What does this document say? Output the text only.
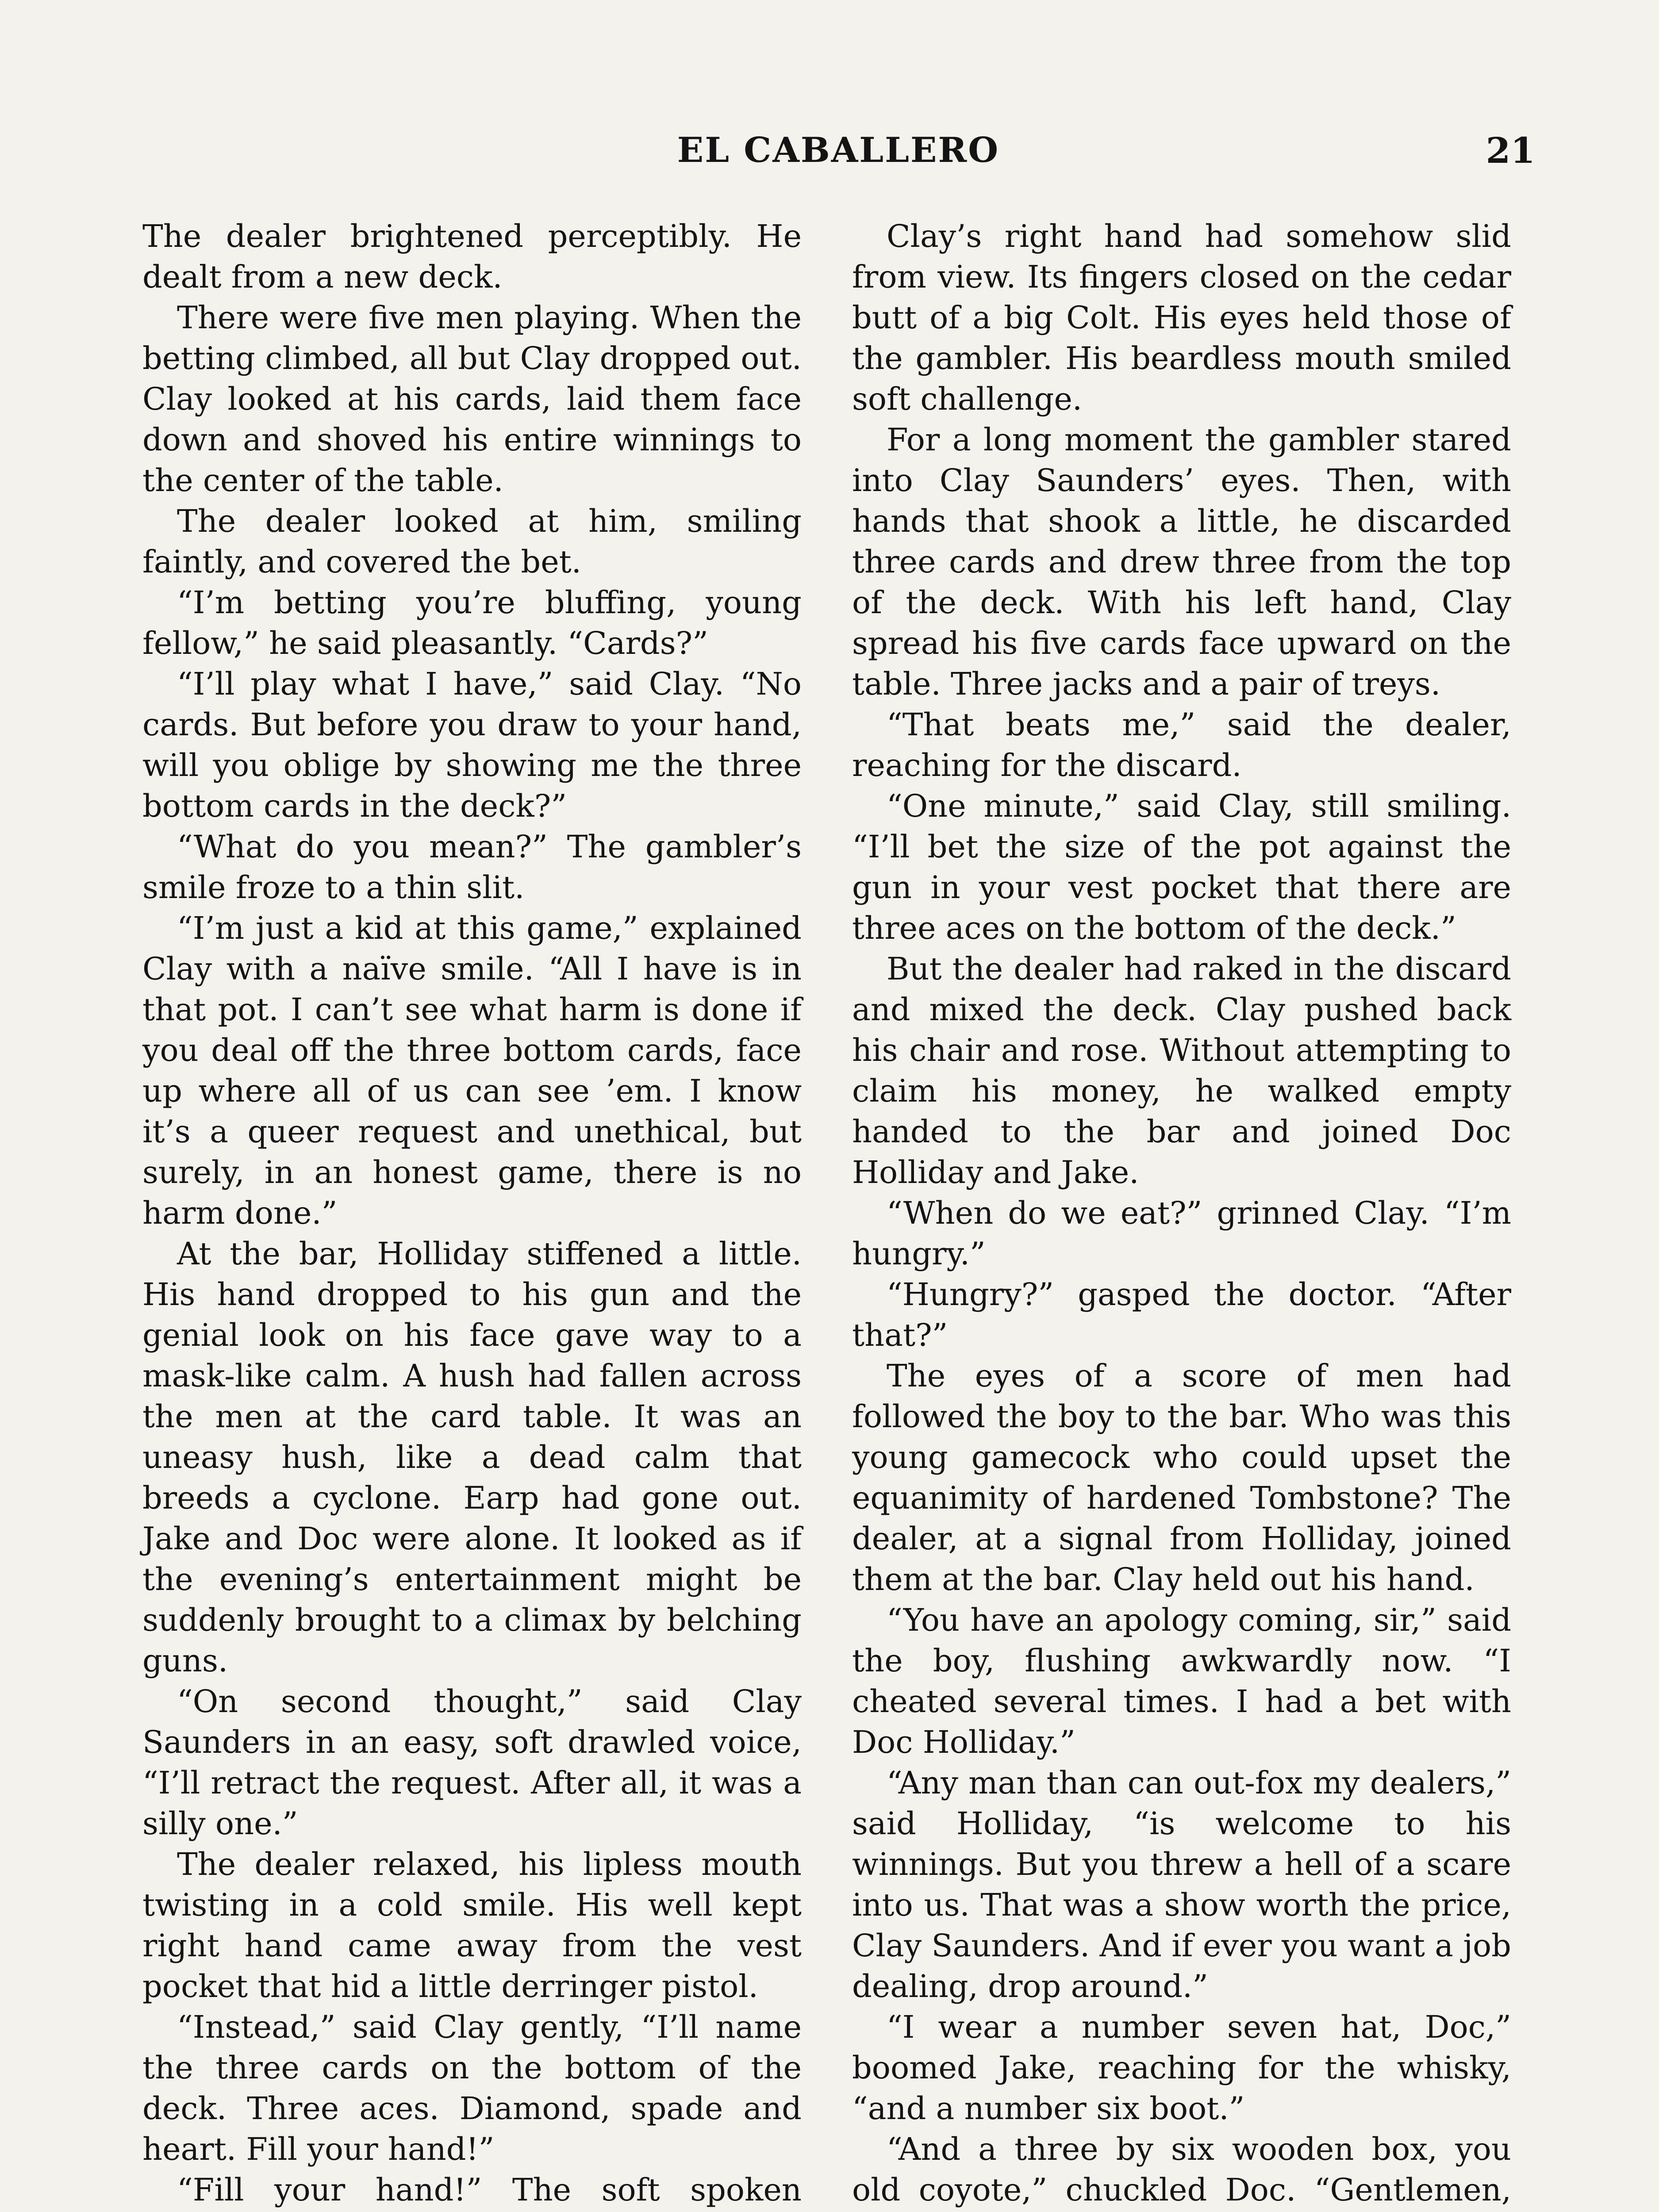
EL CABALLERO	21

The dealer brightened perceptibly. He dealt from a new deck.

There were five men playing. When the betting climbed, all but Clay dropped out. Clay looked at his cards, laid them face down and shoved his entire winnings to the center of the table.

The dealer looked at him, smiling faintly, and covered the bet.

“I’m betting you’re bluffing, young fellow,” he said pleasantly. “Cards?”

“I’ll play what I have,” said Clay. “No cards. But before you draw to your hand, will you oblige by showing me the three bottom cards in the deck?”

“What do you mean?” The gambler’s smile froze to a thin slit.

“I’m just a kid at this game,” explained Clay with a naïve smile. “All I have is in that pot. I can’t see what harm is done if you deal off the three bottom cards, face up where all of us can see ’em. I know it’s a queer request and unethical, but surely, in an honest game, there is no harm done.”

At the bar, Holliday stiffened a little. His hand dropped to his gun and the genial look on his face gave way to a mask-like calm. A hush had fallen across the men at the card table. It was an uneasy hush, like a dead calm that breeds a cyclone. Earp had gone out. Jake and Doc were alone. It looked as if the evening’s entertainment might be suddenly brought to a climax by belching guns.

“On second thought,” said Clay Saunders in an easy, soft drawled voice, “I’ll retract the request. After all, it was a silly one.”

The dealer relaxed, his lipless mouth twisting in a cold smile. His well kept right hand came away from the vest pocket that hid a little derringer pistol.

“Instead,” said Clay gently, “I’ll name the three cards on the bottom of the deck. Three aces. Diamond, spade and heart. Fill your hand!”

“Fill your hand!” The soft spoken

Clay’s right hand had somehow slid from view. Its fingers closed on the cedar butt of a big Colt. His eyes held those of the gambler. His beardless mouth smiled soft challenge.

For a long moment the gambler stared into Clay Saunders’ eyes. Then, with hands that shook a little, he discarded three cards and drew three from the top of the deck. With his left hand, Clay spread his five cards face upward on the table. Three jacks and a pair of treys.

“That beats me,” said the dealer, reaching for the discard.

“One minute,” said Clay, still smiling. “I’ll bet the size of the pot against the gun in your vest pocket that there are three aces on the bottom of the deck.”

But the dealer had raked in the discard and mixed the deck. Clay pushed back his chair and rose. Without attempting to claim his money, he walked empty handed to the bar and joined Doc Holliday and Jake.

“When do we eat?” grinned Clay. “I’m hungry.”

“Hungry?” gasped the doctor. “After that?”

The eyes of a score of men had followed the boy to the bar. Who was this young gamecock who could upset the equanimity of hardened Tombstone? The dealer, at a signal from Holliday, joined them at the bar. Clay held out his hand.

“You have an apology coming, sir,” said the boy, flushing awkwardly now. “I cheated several times. I had a bet with Doc Holliday.”

“Any man than can out-fox my dealers,” said Holliday, “is welcome to his winnings. But you threw a hell of a scare into us. That was a show worth the price, Clay Saunders. And if ever you want a job dealing, drop around.”

“I wear a number seven hat, Doc,” boomed Jake, reaching for the whisky, “and a number six boot.”

“And a three by six wooden box, you old coyote,” chuckled Doc. “Gentlemen,
